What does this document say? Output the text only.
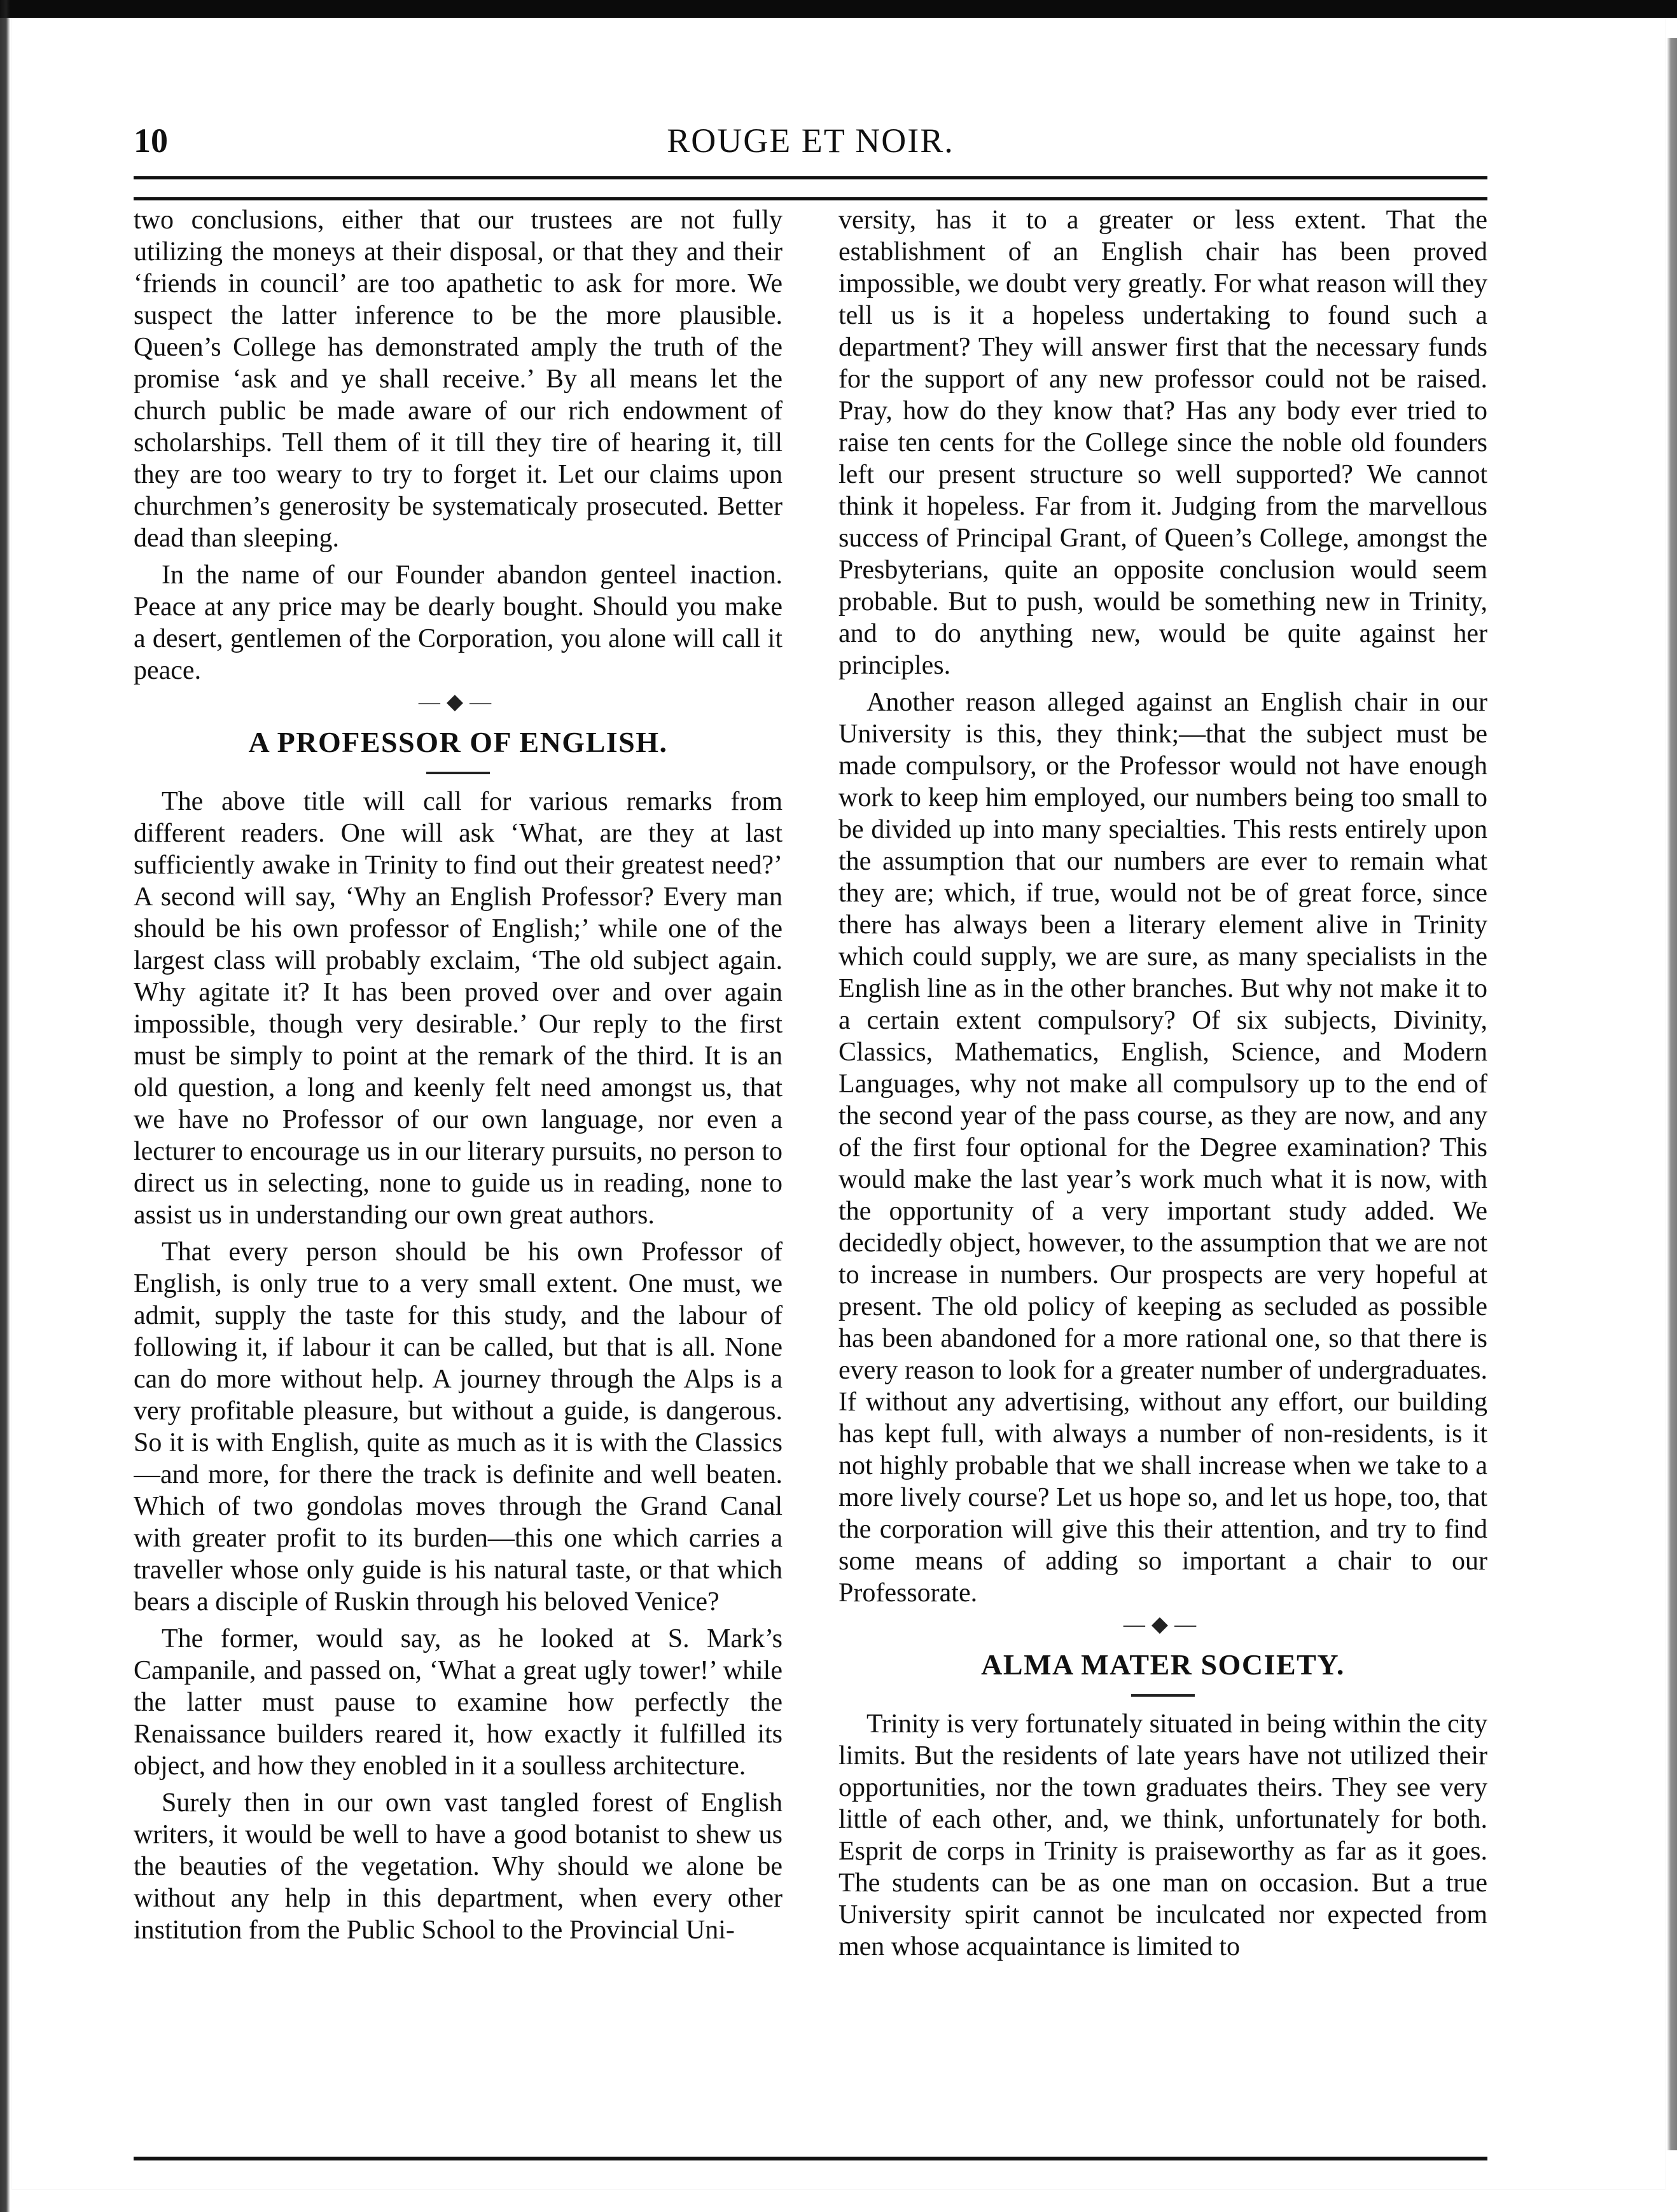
10	ROUGE ET NOIR.

two conclusions, either that our trustees are not fully utilizing the moneys at their disposal, or that they and their ‘friends in council’ are too apathetic to ask for more. We suspect the latter inference to be the more plausible. Queen’s College has demonstrated amply the truth of the promise ‘ask and ye shall receive.’ By all means let the church public be made aware of our rich endowment of scholarships. Tell them of it till they tire of hearing it, till they are too weary to try to forget it. Let our claims upon churchmen’s generosity be systematicaly prosecuted. Better dead than sleeping.

In the name of our Founder abandon genteel inaction. Peace at any price may be dearly bought. Should you make a desert, gentlemen of the Corporation, you alone will call it peace.

—◆—
A PROFESSOR OF ENGLISH.

The above title will call for various remarks from different readers. One will ask ‘What, are they at last sufficiently awake in Trinity to find out their greatest need?’ A second will say, ‘Why an English Professor? Every man should be his own professor of English;’ while one of the largest class will probably exclaim, ‘The old subject again. Why agitate it? It has been proved over and over again impossible, though very desirable.’ Our reply to the first must be simply to point at the remark of the third. It is an old question, a long and keenly felt need amongst us, that we have no Professor of our own language, nor even a lecturer to encourage us in our literary pursuits, no person to direct us in selecting, none to guide us in reading, none to assist us in understanding our own great authors.

That every person should be his own Professor of English, is only true to a very small extent. One must, we admit, supply the taste for this study, and the labour of following it, if labour it can be called, but that is all. None can do more without help. A journey through the Alps is a very profitable pleasure, but without a guide, is dangerous. So it is with English, quite as much as it is with the Classics—and more, for there the track is definite and well beaten. Which of two gondolas moves through the Grand Canal with greater profit to its burden—this one which carries a traveller whose only guide is his natural taste, or that which bears a disciple of Ruskin through his beloved Venice?

The former, would say, as he looked at S. Mark’s Campanile, and passed on, ‘What a great ugly tower!’ while the latter must pause to examine how perfectly the Renaissance builders reared it, how exactly it fulfilled its object, and how they enobled in it a soulless architecture.

Surely then in our own vast tangled forest of English writers, it would be well to have a good botanist to shew us the beauties of the vegetation. Why should we alone be without any help in this department, when every other institution from the Public School to the Provincial Uni-

versity, has it to a greater or less extent. That the establishment of an English chair has been proved impossible, we doubt very greatly. For what reason will they tell us is it a hopeless undertaking to found such a department? They will answer first that the necessary funds for the support of any new professor could not be raised. Pray, how do they know that? Has any body ever tried to raise ten cents for the College since the noble old founders left our present structure so well supported? We cannot think it hopeless. Far from it. Judging from the marvellous success of Principal Grant, of Queen’s College, amongst the Presbyterians, quite an opposite conclusion would seem probable. But to push, would be something new in Trinity, and to do anything new, would be quite against her principles.

Another reason alleged against an English chair in our University is this, they think;—that the subject must be made compulsory, or the Professor would not have enough work to keep him employed, our numbers being too small to be divided up into many specialties. This rests entirely upon the assumption that our numbers are ever to remain what they are; which, if true, would not be of great force, since there has always been a literary element alive in Trinity which could supply, we are sure, as many specialists in the English line as in the other branches. But why not make it to a certain extent compulsory? Of six subjects, Divinity, Classics, Mathematics, English, Science, and Modern Languages, why not make all compulsory up to the end of the second year of the pass course, as they are now, and any of the first four optional for the Degree examination? This would make the last year’s work much what it is now, with the opportunity of a very important study added. We decidedly object, however, to the assumption that we are not to increase in numbers. Our prospects are very hopeful at present. The old policy of keeping as secluded as possible has been abandoned for a more rational one, so that there is every reason to look for a greater number of undergraduates. If without any advertising, without any effort, our building has kept full, with always a number of non-residents, is it not highly probable that we shall increase when we take to a more lively course? Let us hope so, and let us hope, too, that the corporation will give this their attention, and try to find some means of adding so important a chair to our Professorate.

—◆—
ALMA MATER SOCIETY.

Trinity is very fortunately situated in being within the city limits. But the residents of late years have not utilized their opportunities, nor the town graduates theirs. They see very little of each other, and, we think, unfortunately for both. Esprit de corps in Trinity is praiseworthy as far as it goes. The students can be as one man on occasion. But a true University spirit cannot be inculcated nor expected from men whose acquaintance is limited to
